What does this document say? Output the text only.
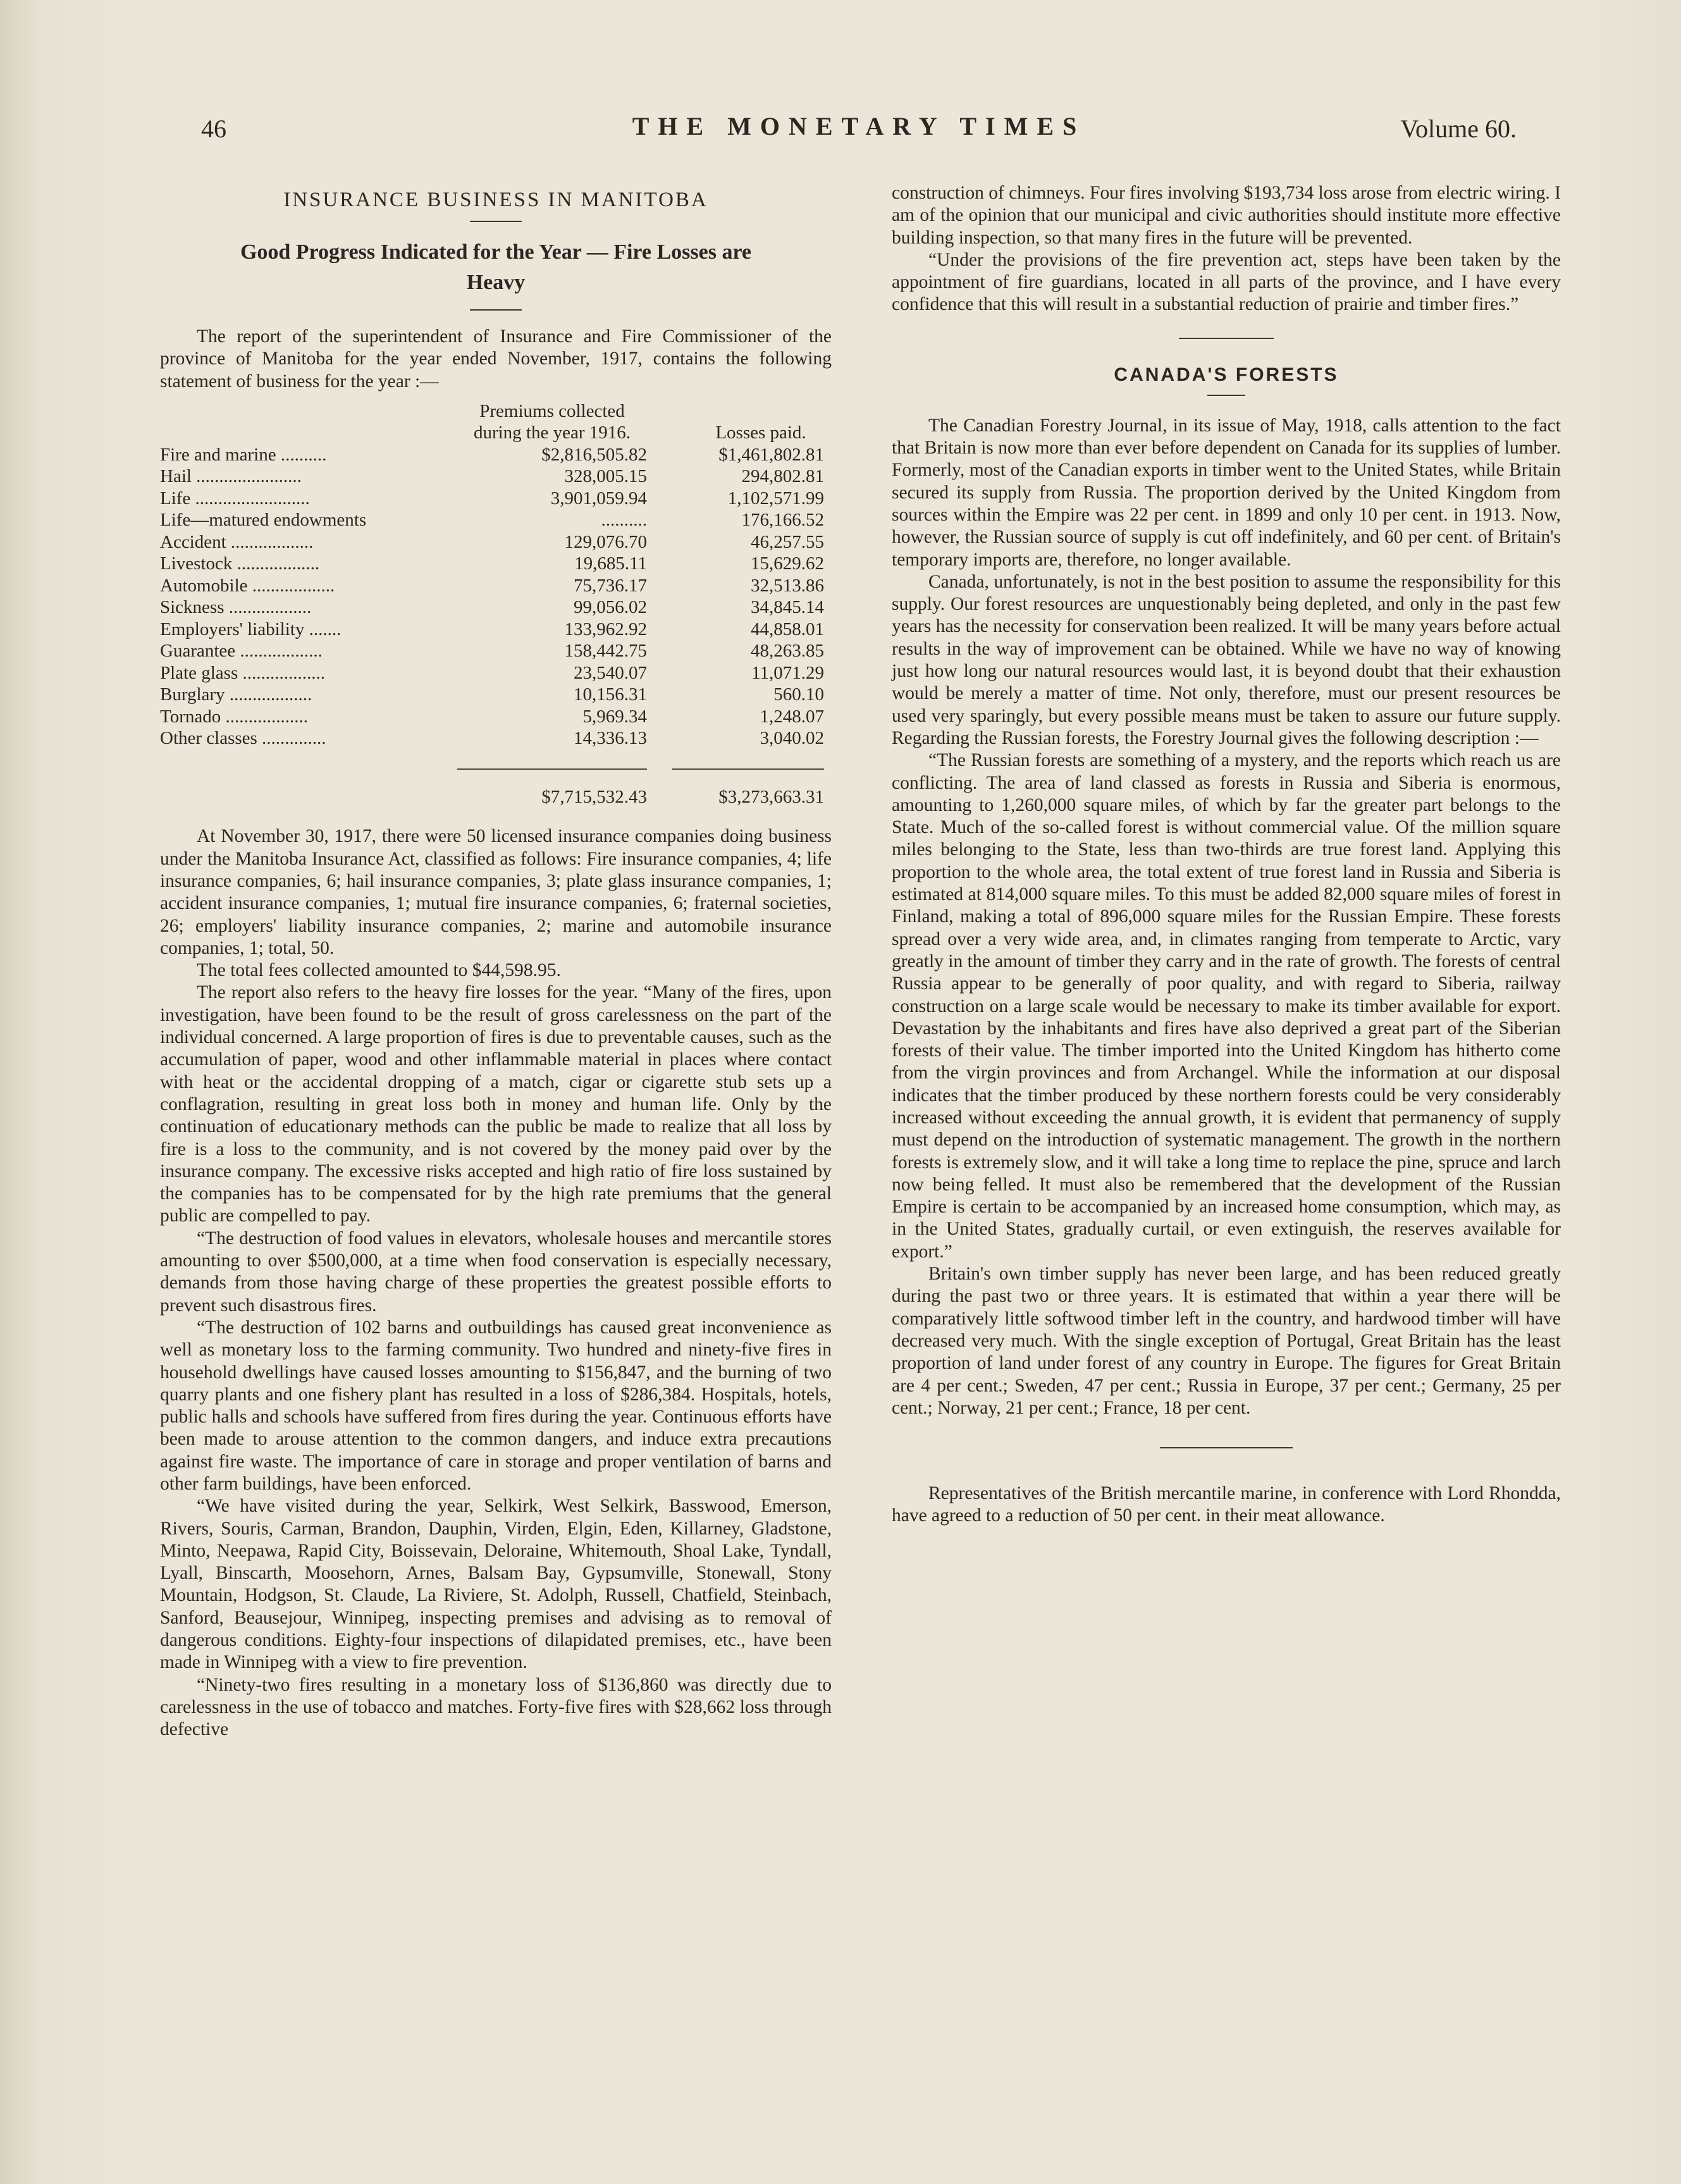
46	THE MONETARY TIMES	Volume 60.
INSURANCE BUSINESS IN MANITOBA
Good Progress Indicated for the Year — Fire Losses are Heavy

The report of the superintendent of Insurance and Fire Commissioner of the province of Manitoba for the year ended November, 1917, contains the following statement of business for the year :—

	Premiums collected during the year 1916.	Losses paid.
Fire and marine ..........	$2,816,505.82	$1,461,802.81
Hail .......................	328,005.15	294,802.81
Life .........................	3,901,059.94	1,102,571.99
Life—matured endowments	..........	176,166.52
Accident ..................	129,076.70	46,257.55
Livestock ..................	19,685.11	15,629.62
Automobile ..................	75,736.17	32,513.86
Sickness ..................	99,056.02	34,845.14
Employers' liability .......	133,962.92	44,858.01
Guarantee ..................	158,442.75	48,263.85
Plate glass ..................	23,540.07	11,071.29
Burglary ..................	10,156.31	560.10
Tornado ..................	5,969.34	1,248.07
Other classes ..............	14,336.13	3,040.02

	$7,715,532.43	$3,273,663.31

At November 30, 1917, there were 50 licensed insurance companies doing business under the Manitoba Insurance Act, classified as follows: Fire insurance companies, 4; life insurance companies, 6; hail insurance companies, 3; plate glass insurance companies, 1; accident insurance companies, 1; mutual fire insurance companies, 6; fraternal societies, 26; employers' liability insurance companies, 2; marine and automobile insurance companies, 1; total, 50.

The total fees collected amounted to $44,598.95.

The report also refers to the heavy fire losses for the year. “Many of the fires, upon investigation, have been found to be the result of gross carelessness on the part of the individual concerned. A large proportion of fires is due to preventable causes, such as the accumulation of paper, wood and other inflammable material in places where contact with heat or the accidental dropping of a match, cigar or cigarette stub sets up a conflagration, resulting in great loss both in money and human life. Only by the continuation of educationary methods can the public be made to realize that all loss by fire is a loss to the community, and is not covered by the money paid over by the insurance company. The excessive risks accepted and high ratio of fire loss sustained by the companies has to be compensated for by the high rate premiums that the general public are compelled to pay.

“The destruction of food values in elevators, wholesale houses and mercantile stores amounting to over $500,000, at a time when food conservation is especially necessary, demands from those having charge of these properties the greatest possible efforts to prevent such disastrous fires.

“The destruction of 102 barns and outbuildings has caused great inconvenience as well as monetary loss to the farming community. Two hundred and ninety-five fires in household dwellings have caused losses amounting to $156,847, and the burning of two quarry plants and one fishery plant has resulted in a loss of $286,384. Hospitals, hotels, public halls and schools have suffered from fires during the year. Continuous efforts have been made to arouse attention to the common dangers, and induce extra precautions against fire waste. The importance of care in storage and proper ventilation of barns and other farm buildings, have been enforced.

“We have visited during the year, Selkirk, West Selkirk, Basswood, Emerson, Rivers, Souris, Carman, Brandon, Dauphin, Virden, Elgin, Eden, Killarney, Gladstone, Minto, Neepawa, Rapid City, Boissevain, Deloraine, Whitemouth, Shoal Lake, Tyndall, Lyall, Binscarth, Moosehorn, Arnes, Balsam Bay, Gypsumville, Stonewall, Stony Mountain, Hodgson, St. Claude, La Riviere, St. Adolph, Russell, Chatfield, Steinbach, Sanford, Beausejour, Winnipeg, inspecting premises and advising as to removal of dangerous conditions. Eighty-four inspections of dilapidated premises, etc., have been made in Winnipeg with a view to fire prevention.

“Ninety-two fires resulting in a monetary loss of $136,860 was directly due to carelessness in the use of tobacco and matches. Forty-five fires with $28,662 loss through defective

construction of chimneys. Four fires involving $193,734 loss arose from electric wiring. I am of the opinion that our municipal and civic authorities should institute more effective building inspection, so that many fires in the future will be prevented.

“Under the provisions of the fire prevention act, steps have been taken by the appointment of fire guardians, located in all parts of the province, and I have every confidence that this will result in a substantial reduction of prairie and timber fires.”

CANADA'S FORESTS

The Canadian Forestry Journal, in its issue of May, 1918, calls attention to the fact that Britain is now more than ever before dependent on Canada for its supplies of lumber. Formerly, most of the Canadian exports in timber went to the United States, while Britain secured its supply from Russia. The proportion derived by the United Kingdom from sources within the Empire was 22 per cent. in 1899 and only 10 per cent. in 1913. Now, however, the Russian source of supply is cut off indefinitely, and 60 per cent. of Britain's temporary imports are, therefore, no longer available.

Canada, unfortunately, is not in the best position to assume the responsibility for this supply. Our forest resources are unquestionably being depleted, and only in the past few years has the necessity for conservation been realized. It will be many years before actual results in the way of improvement can be obtained. While we have no way of knowing just how long our natural resources would last, it is beyond doubt that their exhaustion would be merely a matter of time. Not only, therefore, must our present resources be used very sparingly, but every possible means must be taken to assure our future supply. Regarding the Russian forests, the Forestry Journal gives the following description :—

“The Russian forests are something of a mystery, and the reports which reach us are conflicting. The area of land classed as forests in Russia and Siberia is enormous, amounting to 1,260,000 square miles, of which by far the greater part belongs to the State. Much of the so-called forest is without commercial value. Of the million square miles belonging to the State, less than two-thirds are true forest land. Applying this proportion to the whole area, the total extent of true forest land in Russia and Siberia is estimated at 814,000 square miles. To this must be added 82,000 square miles of forest in Finland, making a total of 896,000 square miles for the Russian Empire. These forests spread over a very wide area, and, in climates ranging from temperate to Arctic, vary greatly in the amount of timber they carry and in the rate of growth. The forests of central Russia appear to be generally of poor quality, and with regard to Siberia, railway construction on a large scale would be necessary to make its timber available for export. Devastation by the inhabitants and fires have also deprived a great part of the Siberian forests of their value. The timber imported into the United Kingdom has hitherto come from the virgin provinces and from Archangel. While the information at our disposal indicates that the timber produced by these northern forests could be very considerably increased without exceeding the annual growth, it is evident that permanency of supply must depend on the introduction of systematic management. The growth in the northern forests is extremely slow, and it will take a long time to replace the pine, spruce and larch now being felled. It must also be remembered that the development of the Russian Empire is certain to be accompanied by an increased home consumption, which may, as in the United States, gradually curtail, or even extinguish, the reserves available for export.”

Britain's own timber supply has never been large, and has been reduced greatly during the past two or three years. It is estimated that within a year there will be comparatively little softwood timber left in the country, and hardwood timber will have decreased very much. With the single exception of Portugal, Great Britain has the least proportion of land under forest of any country in Europe. The figures for Great Britain are 4 per cent.; Sweden, 47 per cent.; Russia in Europe, 37 per cent.; Germany, 25 per cent.; Norway, 21 per cent.; France, 18 per cent.

Representatives of the British mercantile marine, in conference with Lord Rhondda, have agreed to a reduction of 50 per cent. in their meat allowance.
